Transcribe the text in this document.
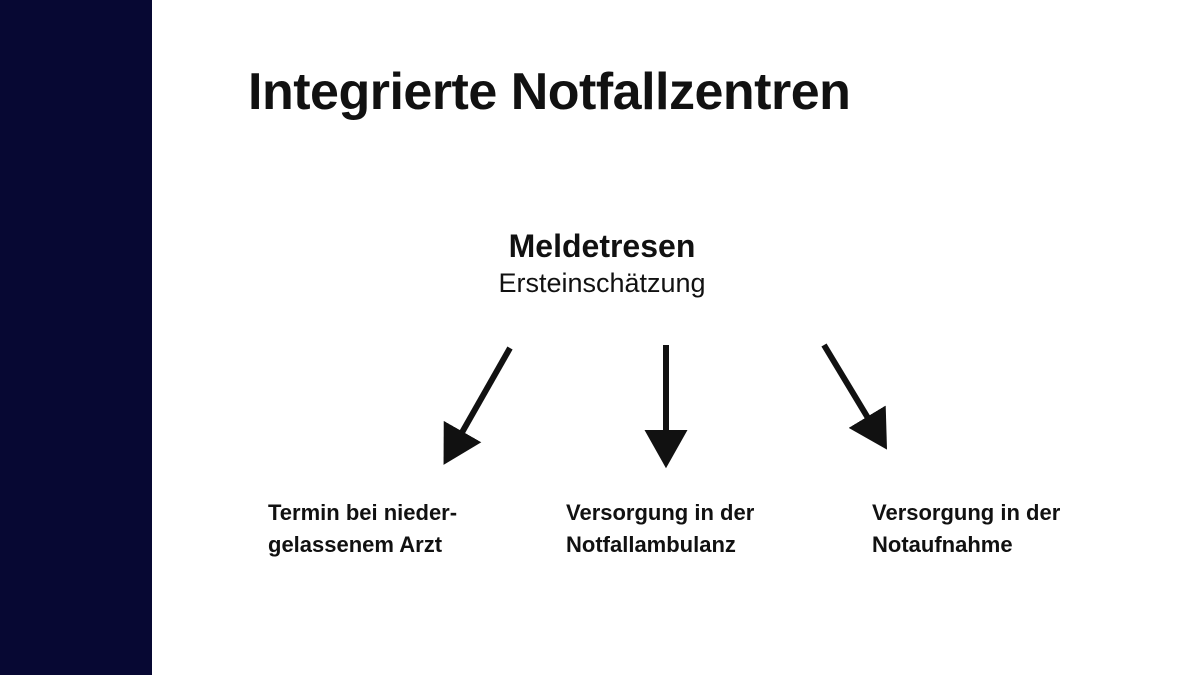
Integrierte Notfallzentren
Meldetresen
Ersteinschätzung
Termin bei nieder-
gelassenem Arzt
Versorgung in der
Notfallambulanz
Versorgung in der
Notaufnahme
